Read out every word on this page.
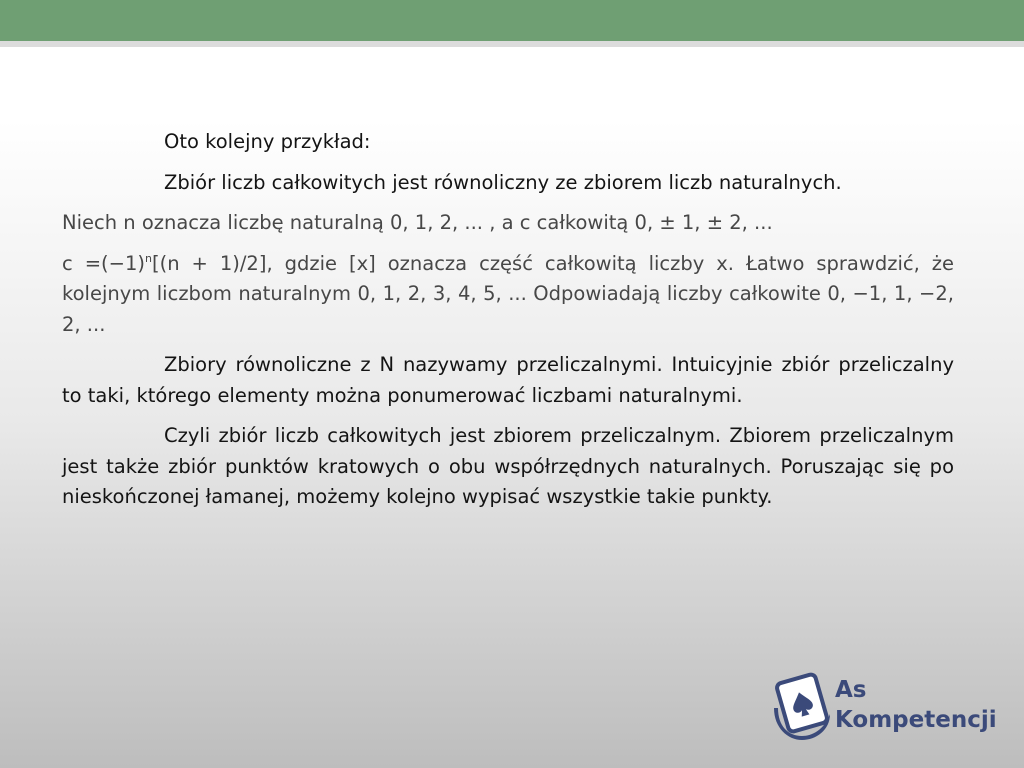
Oto kolejny przykład:

Zbiór liczb całkowitych jest równoliczny ze zbiorem liczb naturalnych.

Niech n oznacza liczbę naturalną 0, 1, 2, ... , a c całkowitą 0, ± 1, ± 2, ...

$c =(-1)^n[(n + 1)/2]$, gdzie [x] oznacza część całkowitą liczby x. Łatwo sprawdzić, że kolejnym liczbom naturalnym 0, 1, 2, 3, 4, 5, ... Odpowiadają liczby całkowite 0, −1, 1, −2, 2, ...

Zbiory równoliczne z N nazywamy przeliczalnymi. Intuicyjnie zbiór przeliczalny to taki, którego elementy można ponumerować liczbami naturalnymi.

Czyli zbiór liczb całkowitych jest zbiorem przeliczalnym. Zbiorem przeliczalnym jest także zbiór punktów kratowych o obu współrzędnych naturalnych. Poruszając się po nieskończonej łamanej, możemy kolejno wypisać wszystkie takie punkty.

As
Kompetencji
